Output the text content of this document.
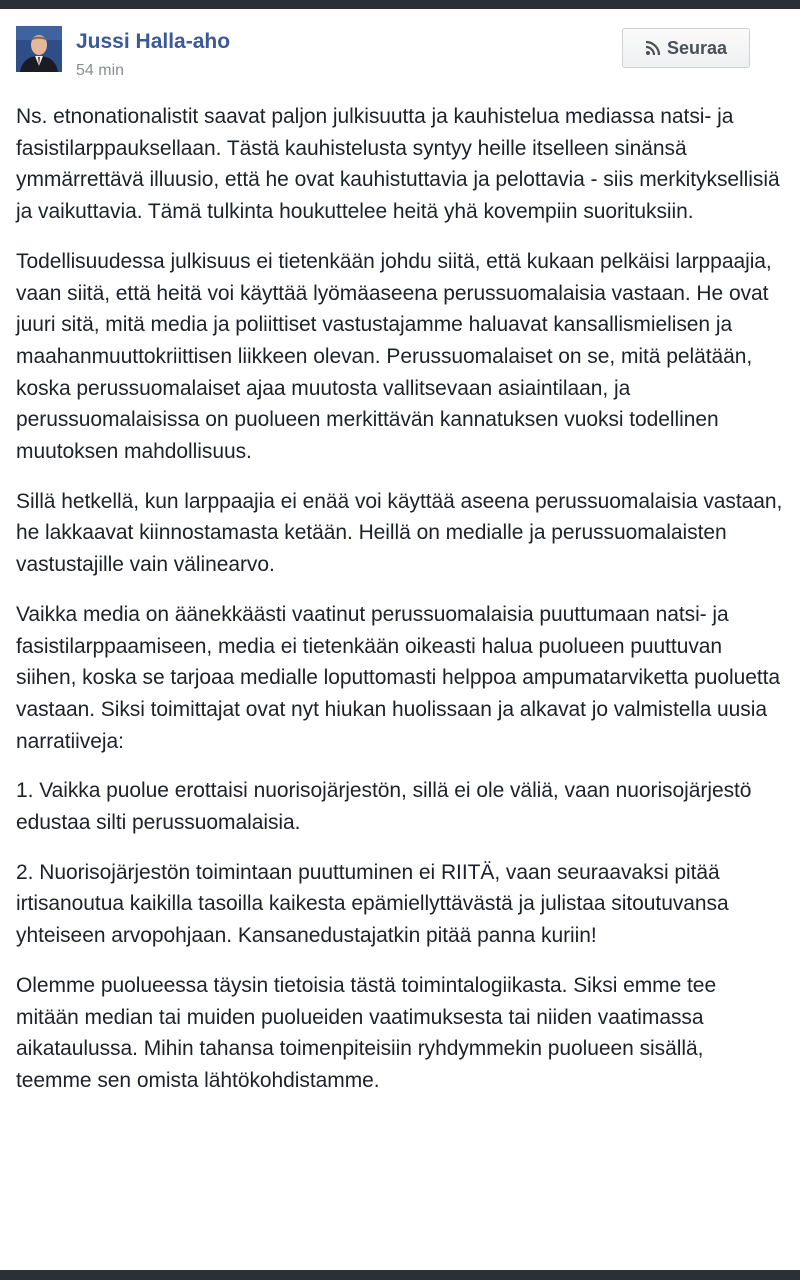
Jussi Halla-aho
54 min
Seuraa

Ns. etnonationalistit saavat paljon julkisuutta ja kauhistelua mediassa natsi- ja fasistilarppauksellaan. Tästä kauhistelusta syntyy heille itselleen sinänsä ymmärrettävä illuusio, että he ovat kauhistuttavia ja pelottavia - siis merkityksellisiä ja vaikuttavia. Tämä tulkinta houkuttelee heitä yhä kovempiin suorituksiin.

Todellisuudessa julkisuus ei tietenkään johdu siitä, että kukaan pelkäisi larppaajia, vaan siitä, että heitä voi käyttää lyömäaseena perussuomalaisia vastaan. He ovat juuri sitä, mitä media ja poliittiset vastustajamme haluavat kansallismielisen ja maahanmuuttokriittisen liikkeen olevan. Perussuomalaiset on se, mitä pelätään, koska perussuomalaiset ajaa muutosta vallitsevaan asiaintilaan, ja perussuomalaisissa on puolueen merkittävän kannatuksen vuoksi todellinen muutoksen mahdollisuus.

Sillä hetkellä, kun larppaajia ei enää voi käyttää aseena perussuomalaisia vastaan, he lakkaavat kiinnostamasta ketään. Heillä on medialle ja perussuomalaisten vastustajille vain välinearvo.

Vaikka media on äänekkäästi vaatinut perussuomalaisia puuttumaan natsi- ja fasistilarppaamiseen, media ei tietenkään oikeasti halua puolueen puuttuvan siihen, koska se tarjoaa medialle loputtomasti helppoa ampumatarviketta puoluetta vastaan. Siksi toimittajat ovat nyt hiukan huolissaan ja alkavat jo valmistella uusia narratiiveja:

1. Vaikka puolue erottaisi nuorisojärjestön, sillä ei ole väliä, vaan nuorisojärjestö edustaa silti perussuomalaisia.

2. Nuorisojärjestön toimintaan puuttuminen ei RIITÄ, vaan seuraavaksi pitää irtisanoutua kaikilla tasoilla kaikesta epämiellyttävästä ja julistaa sitoutuvansa yhteiseen arvopohjaan. Kansanedustajatkin pitää panna kuriin!

Olemme puolueessa täysin tietoisia tästä toimintalogiikasta. Siksi emme tee mitään median tai muiden puolueiden vaatimuksesta tai niiden vaatimassa aikataulussa. Mihin tahansa toimenpiteisiin ryhdymmekin puolueen sisällä, teemme sen omista lähtökohdistamme.
